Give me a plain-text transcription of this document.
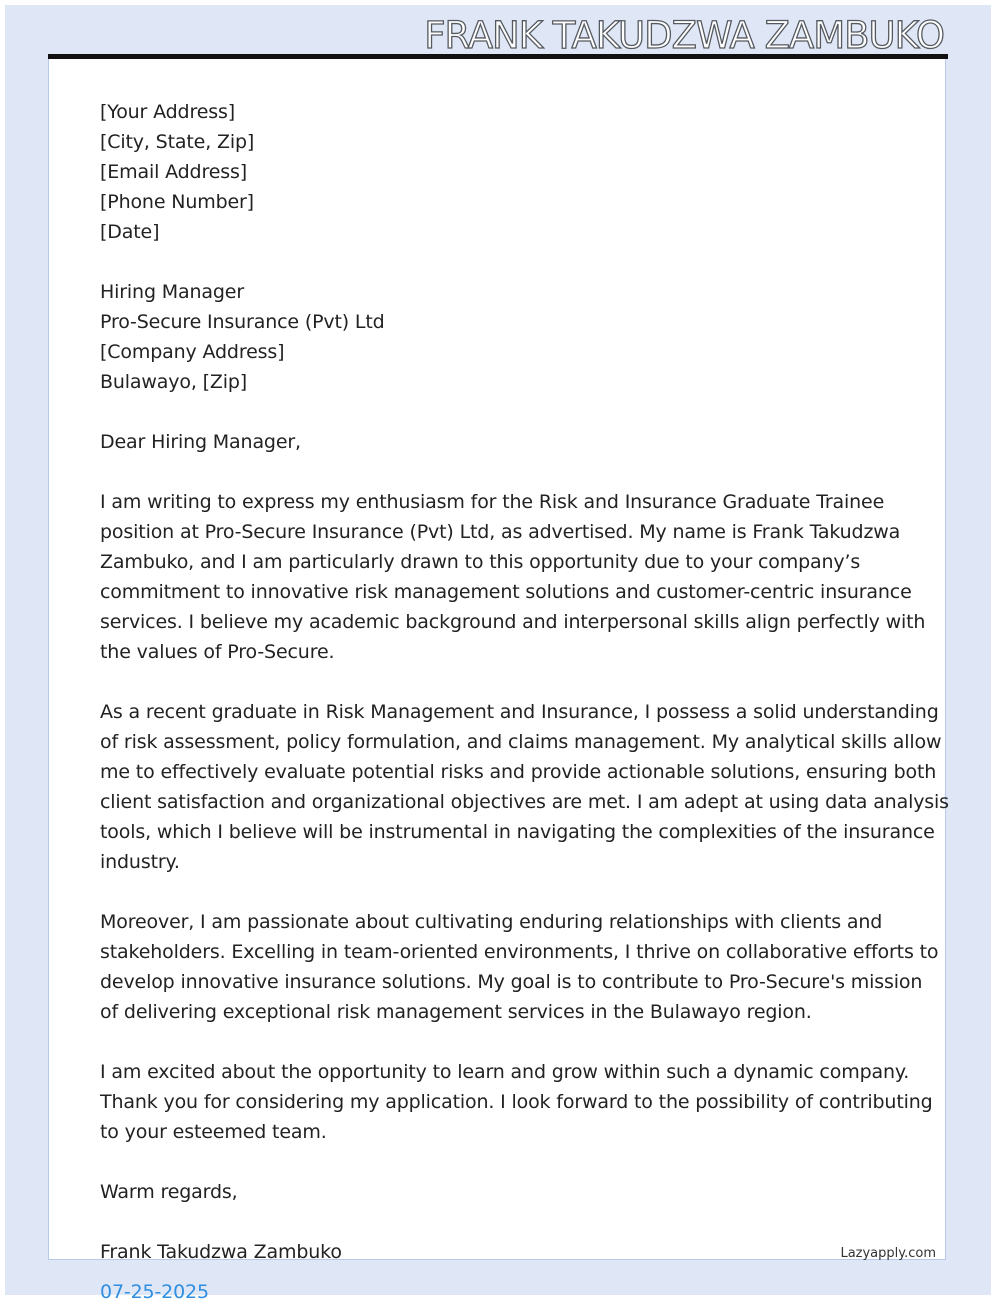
FRANK TAKUDZWA ZAMBUKO
[Your Address]
[City, State, Zip]
[Email Address]
[Phone Number]
[Date]
Hiring Manager
Pro-Secure Insurance (Pvt) Ltd
[Company Address]
Bulawayo, [Zip]
Dear Hiring Manager,
I am writing to express my enthusiasm for the Risk and Insurance Graduate Trainee
position at Pro-Secure Insurance (Pvt) Ltd, as advertised. My name is Frank Takudzwa
Zambuko, and I am particularly drawn to this opportunity due to your company’s
commitment to innovative risk management solutions and customer-centric insurance
services. I believe my academic background and interpersonal skills align perfectly with
the values of Pro-Secure.
As a recent graduate in Risk Management and Insurance, I possess a solid understanding
of risk assessment, policy formulation, and claims management. My analytical skills allow
me to effectively evaluate potential risks and provide actionable solutions, ensuring both
client satisfaction and organizational objectives are met. I am adept at using data analysis
tools, which I believe will be instrumental in navigating the complexities of the insurance
industry.
Moreover, I am passionate about cultivating enduring relationships with clients and
stakeholders. Excelling in team-oriented environments, I thrive on collaborative efforts to
develop innovative insurance solutions. My goal is to contribute to Pro-Secure's mission
of delivering exceptional risk management services in the Bulawayo region.
I am excited about the opportunity to learn and grow within such a dynamic company.
Thank you for considering my application. I look forward to the possibility of contributing
to your esteemed team.
Warm regards,
Frank Takudzwa Zambuko
07-25-2025
Lazyapply.com
